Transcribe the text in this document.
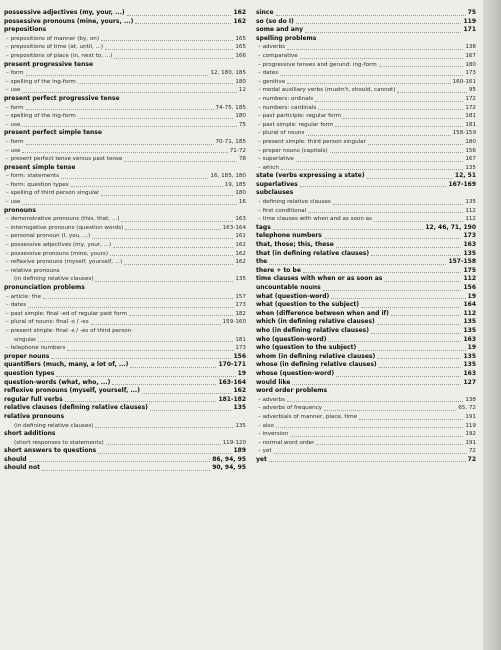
possessive adjectives (my, your, ...)	162
possessive pronouns (mine, yours, ...)	162
prepositions
– prepositions of manner (by, on)	165
– prepositions of time (at, until, ...)	165
– prepositions of place (in, next to, ...)	166
present progressive tense
– form	12, 180, 185
– spelling of the ing-form	180
– use	12
present perfect progressive tense
– form	74-75, 185
– spelling of the ing-form	180
– use	75
present perfect simple tense
– form	70-71, 185
– use	71-72
– present perfect tense versus past tense	78
present simple tense
– form: statements	16, 185, 180
– form: question types	19, 185
– spelling of third person singular	180
– use	16
pronouns
– demonstrative pronouns (this, that, ...)	163
– interrogative pronouns (question words)	163-164
– personal pronoun (I, you, ...)	161
– possessive adjectives (my, your, ...)	162
– possessive pronouns (mine, yours)	162
– reflexive pronouns (myself, yourself, ...)	162
– relative pronouns
(in defining relative clauses)	135
pronunciation problems
– article: the	157
– dates	173
– past simple: final -ed of regular past form	182
– plural of nouns: final -s / -es	159-160
– present simple: final -s / -es of third person
singular	181
– telephone numbers	173
proper nouns	156
quantifiers (much, many, a lot of, ...)	170-171
question types	19
question-words (what, who, ...)	163-164
reflexive pronouns (myself, yourself, ...)	162
regular full verbs	181-182
relative clauses (defining relative clauses)	135
relative pronouns
(in defining relative clauses)	135
short additions
(short responses to statements)	119-120
short answers to questions	189
should	86, 94, 95
should not	90, 94, 95
since	75
so (so do I)	119
some and any	171
spelling problems
– adverbs	138
– comparative	167
– progressive tenses and gerund: ing-form	180
– dates	173
– genitive	160-161
– modal auxiliary verbs (mustn't, should, cannot)	95
– numbers: ordinals	172
– numbers: cardinals	172
– past participle: regular form	181
– past simple: regular form	181
– plural of nouns	158-159
– present simple: third person singular	180
– proper nouns (capitals)	156
– superlative	167
– which	135
state (verbs expressing a state)	12, 51
superlatives	167-169
subclauses
– defining relative clauses	135
– first conditional	112
– time clauses with when and as soon as	112
tags	12, 46, 71, 190
telephone numbers	173
that, those; this, these	163
that (in defining relative clauses)	135
the	157-158
there + to be	175
time clauses with when or as soon as	112
uncountable nouns	156
what (question-word)	19
what (question to the subject)	164
when (difference between when and if)	112
which (in defining relative clauses)	135
who (in defining relative clauses)	135
who (question-word)	163
who (question to the subject)	19
whom (in defining relative clauses)	135
whose (in defining relative clauses)	135
whose (question-word)	163
would like	127
word order problems
– adverbs	138
– adverbs of frequency	65, 72
– adverbials of manner, place, time	191
– also	119
– inversion	192
– normal word order	191
– yet	72
yet	72
